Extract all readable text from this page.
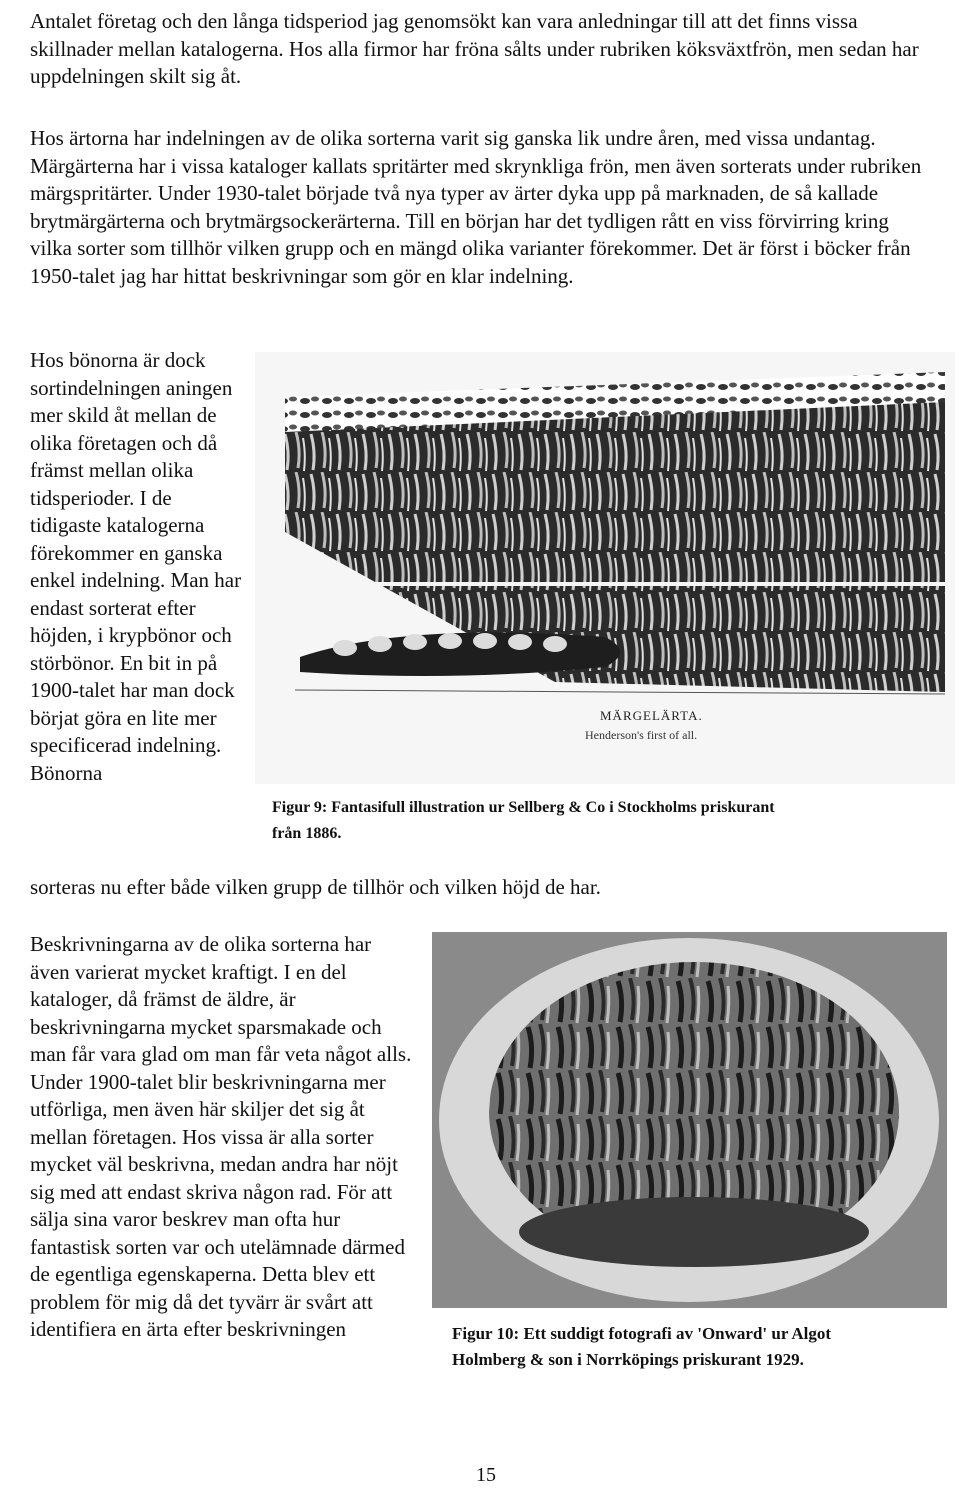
Antalet företag och den långa tidsperiod jag genomsökt kan vara anledningar till att det finns vissa skillnader mellan katalogerna. Hos alla firmor har fröna sålts under rubriken köksväxtfrön, men sedan har uppdelningen skilt sig åt.

Hos ärtorna har indelningen av de olika sorterna varit sig ganska lik undre åren, med vissa undantag. Märgärterna har i vissa kataloger kallats spritärter med skrynkliga frön, men även sorterats under rubriken märgspritärter. Under 1930-talet började två nya typer av ärter dyka upp på marknaden, de så kallade brytmärgärterna och brytmärgsockerärterna. Till en början har det tydligen rått en viss förvirring kring vilka sorter som tillhör vilken grupp och en mängd olika varianter förekommer. Det är först i böcker från 1950-talet jag har hittat beskrivningar som gör en klar indelning.

Hos bönorna är dock sortindelningen aningen mer skild åt mellan de olika företagen och då främst mellan olika tidsperioder. I de tidigaste katalogerna förekommer en ganska enkel indelning. Man har endast sorterat efter höjden, i krypbönor och störbönor. En bit in på 1900-talet har man dock börjat göra en lite mer specificerad indelning. Bönorna

sorteras nu efter både vilken grupp de tillhör och vilken höjd de har.

MÄRGELÄRTA.
Henderson's first of all.

Figur 9: Fantasifull illustration ur Sellberg & Co i Stockholms priskurant

från 1886.

Beskrivningarna av de olika sorterna har även varierat mycket kraftigt. I en del kataloger, då främst de äldre, är beskrivningarna mycket sparsmakade och man får vara glad om man får veta något alls. Under 1900-talet blir beskrivningarna mer utförliga, men även här skiljer det sig åt mellan företagen. Hos vissa är alla sorter mycket väl beskrivna, medan andra har nöjt sig med att endast skriva någon rad. För att sälja sina varor beskrev man ofta hur fantastisk sorten var och utelämnade därmed de egentliga egenskaperna. Detta blev ett problem för mig då det tyvärr är svårt att identifiera en ärta efter beskrivningen	Figur 10: Ett suddigt fotografi av 'Onward' ur Algot

Holmberg & son i Norrköpings priskurant 1929.

15
